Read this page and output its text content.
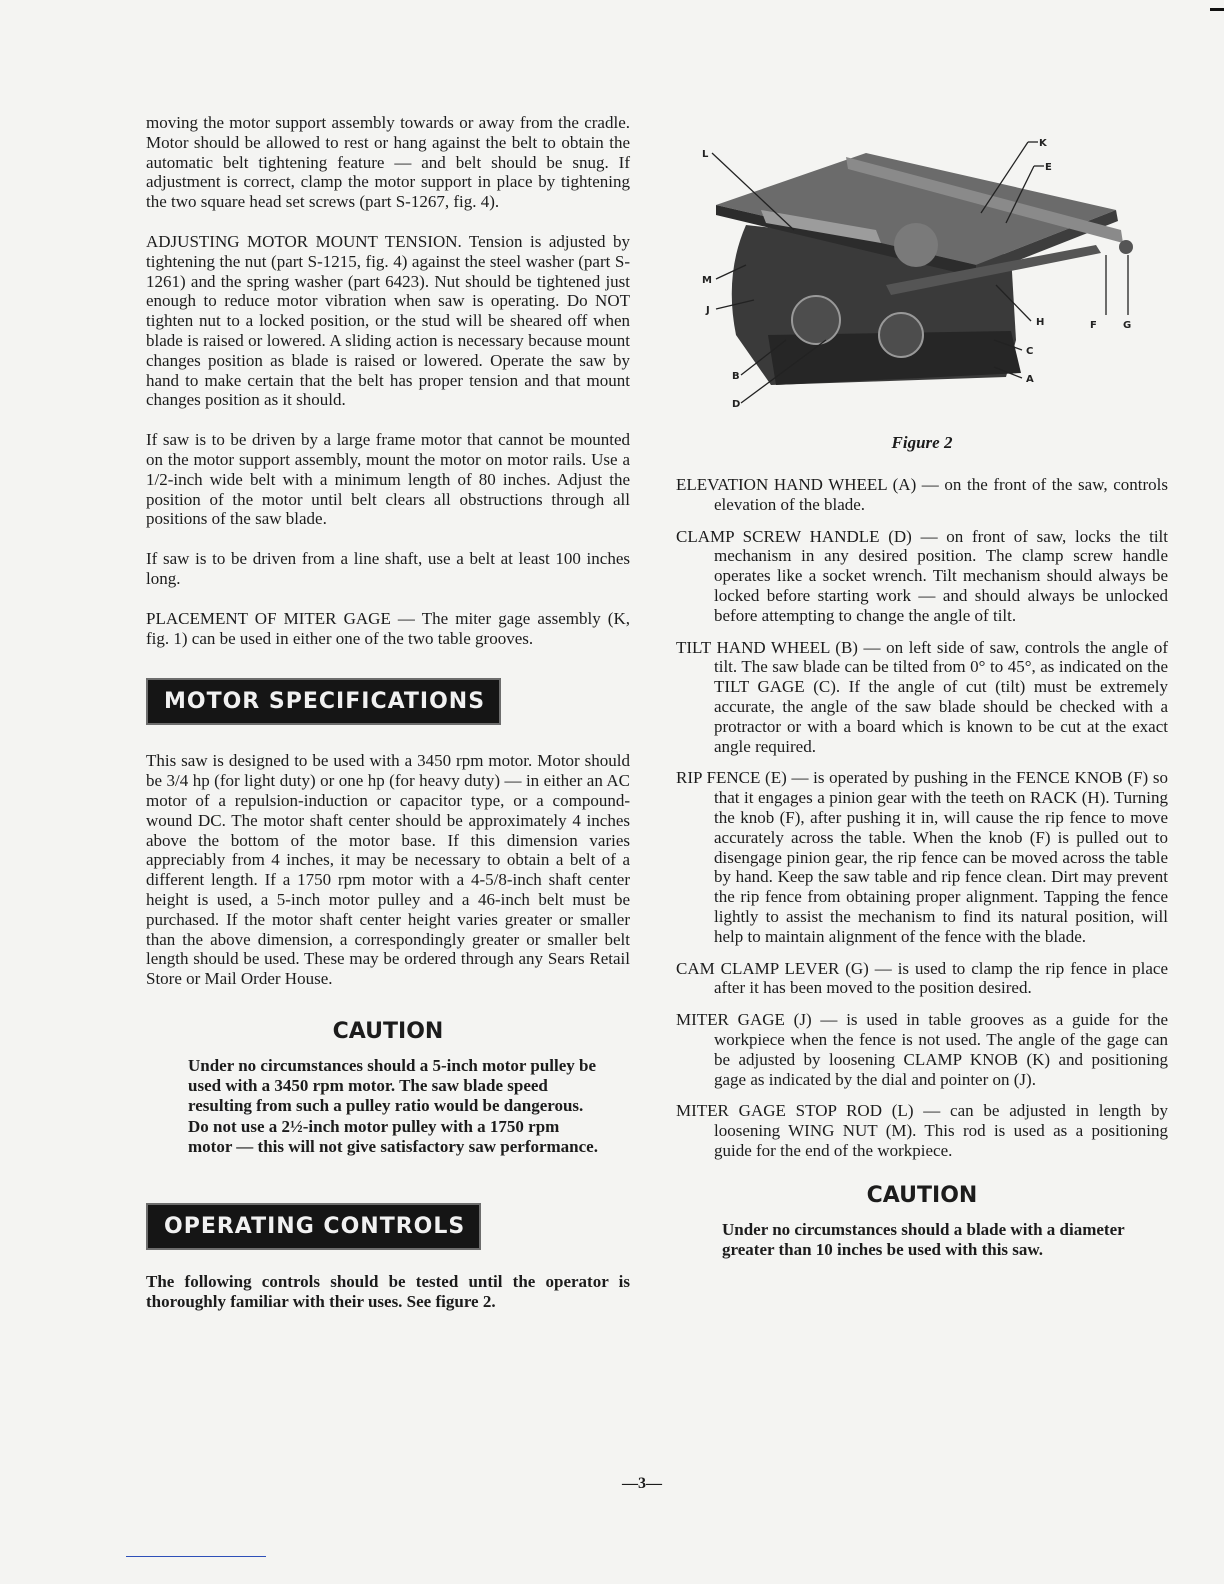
moving the motor support assembly towards or away from the cradle. Motor should be allowed to rest or hang against the belt to obtain the automatic belt tightening feature — and belt should be snug. If adjustment is correct, clamp the motor support in place by tightening the two square head set screws (part S-1267, fig. 4).

ADJUSTING MOTOR MOUNT TENSION. Tension is adjusted by tightening the nut (part S-1215, fig. 4) against the steel washer (part S-1261) and the spring washer (part 6423). Nut should be tightened just enough to reduce motor vibration when saw is operating. Do NOT tighten nut to a locked position, or the stud will be sheared off when blade is raised or lowered. A sliding action is necessary because mount changes position as blade is raised or lowered. Operate the saw by hand to make certain that the belt has proper tension and that mount changes position as it should.

If saw is to be driven by a large frame motor that cannot be mounted on the motor support assembly, mount the motor on motor rails. Use a 1/2-inch wide belt with a minimum length of 80 inches. Adjust the position of the motor until belt clears all obstructions through all positions of the saw blade.

If saw is to be driven from a line shaft, use a belt at least 100 inches long.

PLACEMENT OF MITER GAGE — The miter gage assembly (K, fig. 1) can be used in either one of the two table grooves.

MOTOR SPECIFICATIONS

This saw is designed to be used with a 3450 rpm motor. Motor should be 3/4 hp (for light duty) or one hp (for heavy duty) — in either an AC motor of a repulsion-induction or capacitor type, or a compound-wound DC. The motor shaft center should be approximately 4 inches above the bottom of the motor base. If this dimension varies appreciably from 4 inches, it may be necessary to obtain a belt of a different length. If a 1750 rpm motor with a 4-5/8-inch shaft center height is used, a 5-inch motor pulley and a 46-inch belt must be purchased. If the motor shaft center height varies greater or smaller than the above dimension, a correspondingly greater or smaller belt length should be used. These may be ordered through any Sears Retail Store or Mail Order House.

CAUTION

Under no circumstances should a 5-inch motor pulley be used with a 3450 rpm motor. The saw blade speed resulting from such a pulley ratio would be dangerous. Do not use a 2½-inch motor pulley with a 1750 rpm motor — this will not give satisfactory saw performance.

OPERATING CONTROLS

The following controls should be tested until the operator is thoroughly familiar with their uses. See figure 2.

L
K
E
M
J
H	F	G
C
B	A
D

Figure 2

ELEVATION HAND WHEEL (A) — on the front of the saw, controls elevation of the blade.

CLAMP SCREW HANDLE (D) — on front of saw, locks the tilt mechanism in any desired position. The clamp screw handle operates like a socket wrench. Tilt mechanism should always be locked before starting work — and should always be unlocked before attempting to change the angle of tilt.

TILT HAND WHEEL (B) — on left side of saw, controls the angle of tilt. The saw blade can be tilted from 0° to 45°, as indicated on the TILT GAGE (C). If the angle of cut (tilt) must be extremely accurate, the angle of the saw blade should be checked with a protractor or with a board which is known to be cut at the exact angle required.

RIP FENCE (E) — is operated by pushing in the FENCE KNOB (F) so that it engages a pinion gear with the teeth on RACK (H). Turning the knob (F), after pushing it in, will cause the rip fence to move accurately across the table. When the knob (F) is pulled out to disengage pinion gear, the rip fence can be moved across the table by hand. Keep the saw table and rip fence clean. Dirt may prevent the rip fence from obtaining proper alignment. Tapping the fence lightly to assist the mechanism to find its natural position, will help to maintain alignment of the fence with the blade.

CAM CLAMP LEVER (G) — is used to clamp the rip fence in place after it has been moved to the position desired.

MITER GAGE (J) — is used in table grooves as a guide for the workpiece when the fence is not used. The angle of the gage can be adjusted by loosening CLAMP KNOB (K) and positioning gage as indicated by the dial and pointer on (J).

MITER GAGE STOP ROD (L) — can be adjusted in length by loosening WING NUT (M). This rod is used as a positioning guide for the end of the workpiece.

CAUTION

Under no circumstances should a blade with a diameter greater than 10 inches be used with this saw.

—3—
